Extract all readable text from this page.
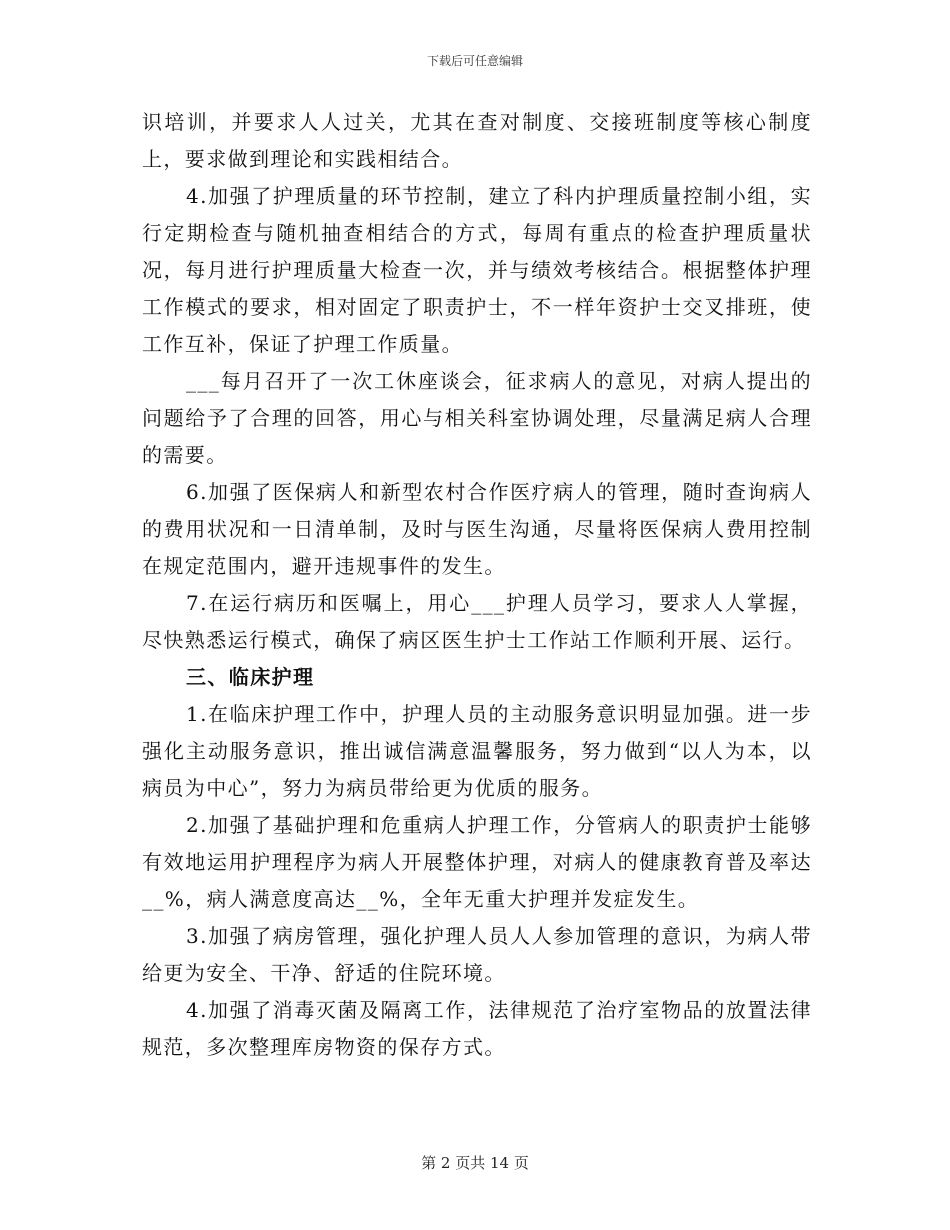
下载后可任意编辑

识培训，并要求人人过关，尤其在查对制度、交接班制度等核心制度上，要求做到理论和实践相结合。

4.加强了护理质量的环节控制，建立了科内护理质量控制小组，实行定期检查与随机抽查相结合的方式，每周有重点的检查护理质量状况，每月进行护理质量大检查一次，并与绩效考核结合。根据整体护理工作模式的要求，相对固定了职责护士，不一样年资护士交叉排班，使工作互补，保证了护理工作质量。

___每月召开了一次工休座谈会，征求病人的意见，对病人提出的问题给予了合理的回答，用心与相关科室协调处理，尽量满足病人合理的需要。

6.加强了医保病人和新型农村合作医疗病人的管理，随时查询病人的费用状况和一日清单制，及时与医生沟通，尽量将医保病人费用控制在规定范围内，避开违规事件的发生。

7.在运行病历和医嘱上，用心___护理人员学习，要求人人掌握，尽快熟悉运行模式，确保了病区医生护士工作站工作顺利开展、运行。

三、临床护理

1.在临床护理工作中，护理人员的主动服务意识明显加强。进一步强化主动服务意识，推出诚信满意温馨服务，努力做到“以人为本，以病员为中心”，努力为病员带给更为优质的服务。

2.加强了基础护理和危重病人护理工作，分管病人的职责护士能够有效地运用护理程序为病人开展整体护理，对病人的健康教育普及率达__%，病人满意度高达__%，全年无重大护理并发症发生。

3.加强了病房管理，强化护理人员人人参加管理的意识，为病人带给更为安全、干净、舒适的住院环境。

4.加强了消毒灭菌及隔离工作，法律规范了治疗室物品的放置法律规范，多次整理库房物资的保存方式。

第 2 页共 14 页
